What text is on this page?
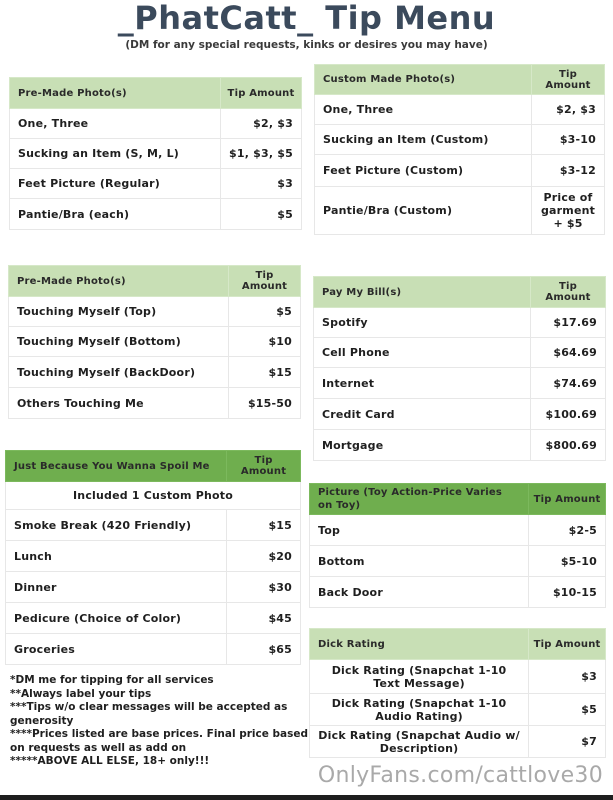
_PhatCatt_ Tip Menu
(DM for any special requests, kinks or desires you may have)
Pre-Made Photo(s)	Tip Amount
One, Three	$2, $3
Sucking an Item (S, M, L)	$1, $3, $5
Feet Picture (Regular)	$3
Pantie/Bra (each)	$5
Custom Made Photo(s)	Tip Amount
One, Three	$2, $3
Sucking an Item (Custom)	$3-10
Feet Picture (Custom)	$3-12
Pantie/Bra (Custom)	Price of garment + $5
Pre-Made Photo(s)	Tip Amount
Touching Myself (Top)	$5
Touching Myself (Bottom)	$10
Touching Myself (BackDoor)	$15
Others Touching Me	$15-50
Pay My Bill(s)	Tip Amount
Spotify	$17.69
Cell Phone	$64.69
Internet	$74.69
Credit Card	$100.69
Mortgage	$800.69
Just Because You Wanna Spoil Me	Tip Amount
Included 1 Custom Photo	
Smoke Break (420 Friendly)	$15
Lunch	$20
Dinner	$30
Pedicure (Choice of Color)	$45
Groceries	$65
Picture (Toy Action-Price Varies on Toy)	Tip Amount
Top	$2-5
Bottom	$5-10
Back Door	$10-15
Dick Rating	Tip Amount
Dick Rating (Snapchat 1-10 Text Message)	$3
Dick Rating (Snapchat 1-10 Audio Rating)	$5
Dick Rating (Snapchat Audio w/ Description)	$7
*DM me for tipping for all services
**Always label your tips
***Tips w/o clear messages will be accepted as generosity
****Prices listed are base prices. Final price based on requests as well as add on
*****ABOVE ALL ELSE, 18+ only!!!
OnlyFans.com/cattlove30
